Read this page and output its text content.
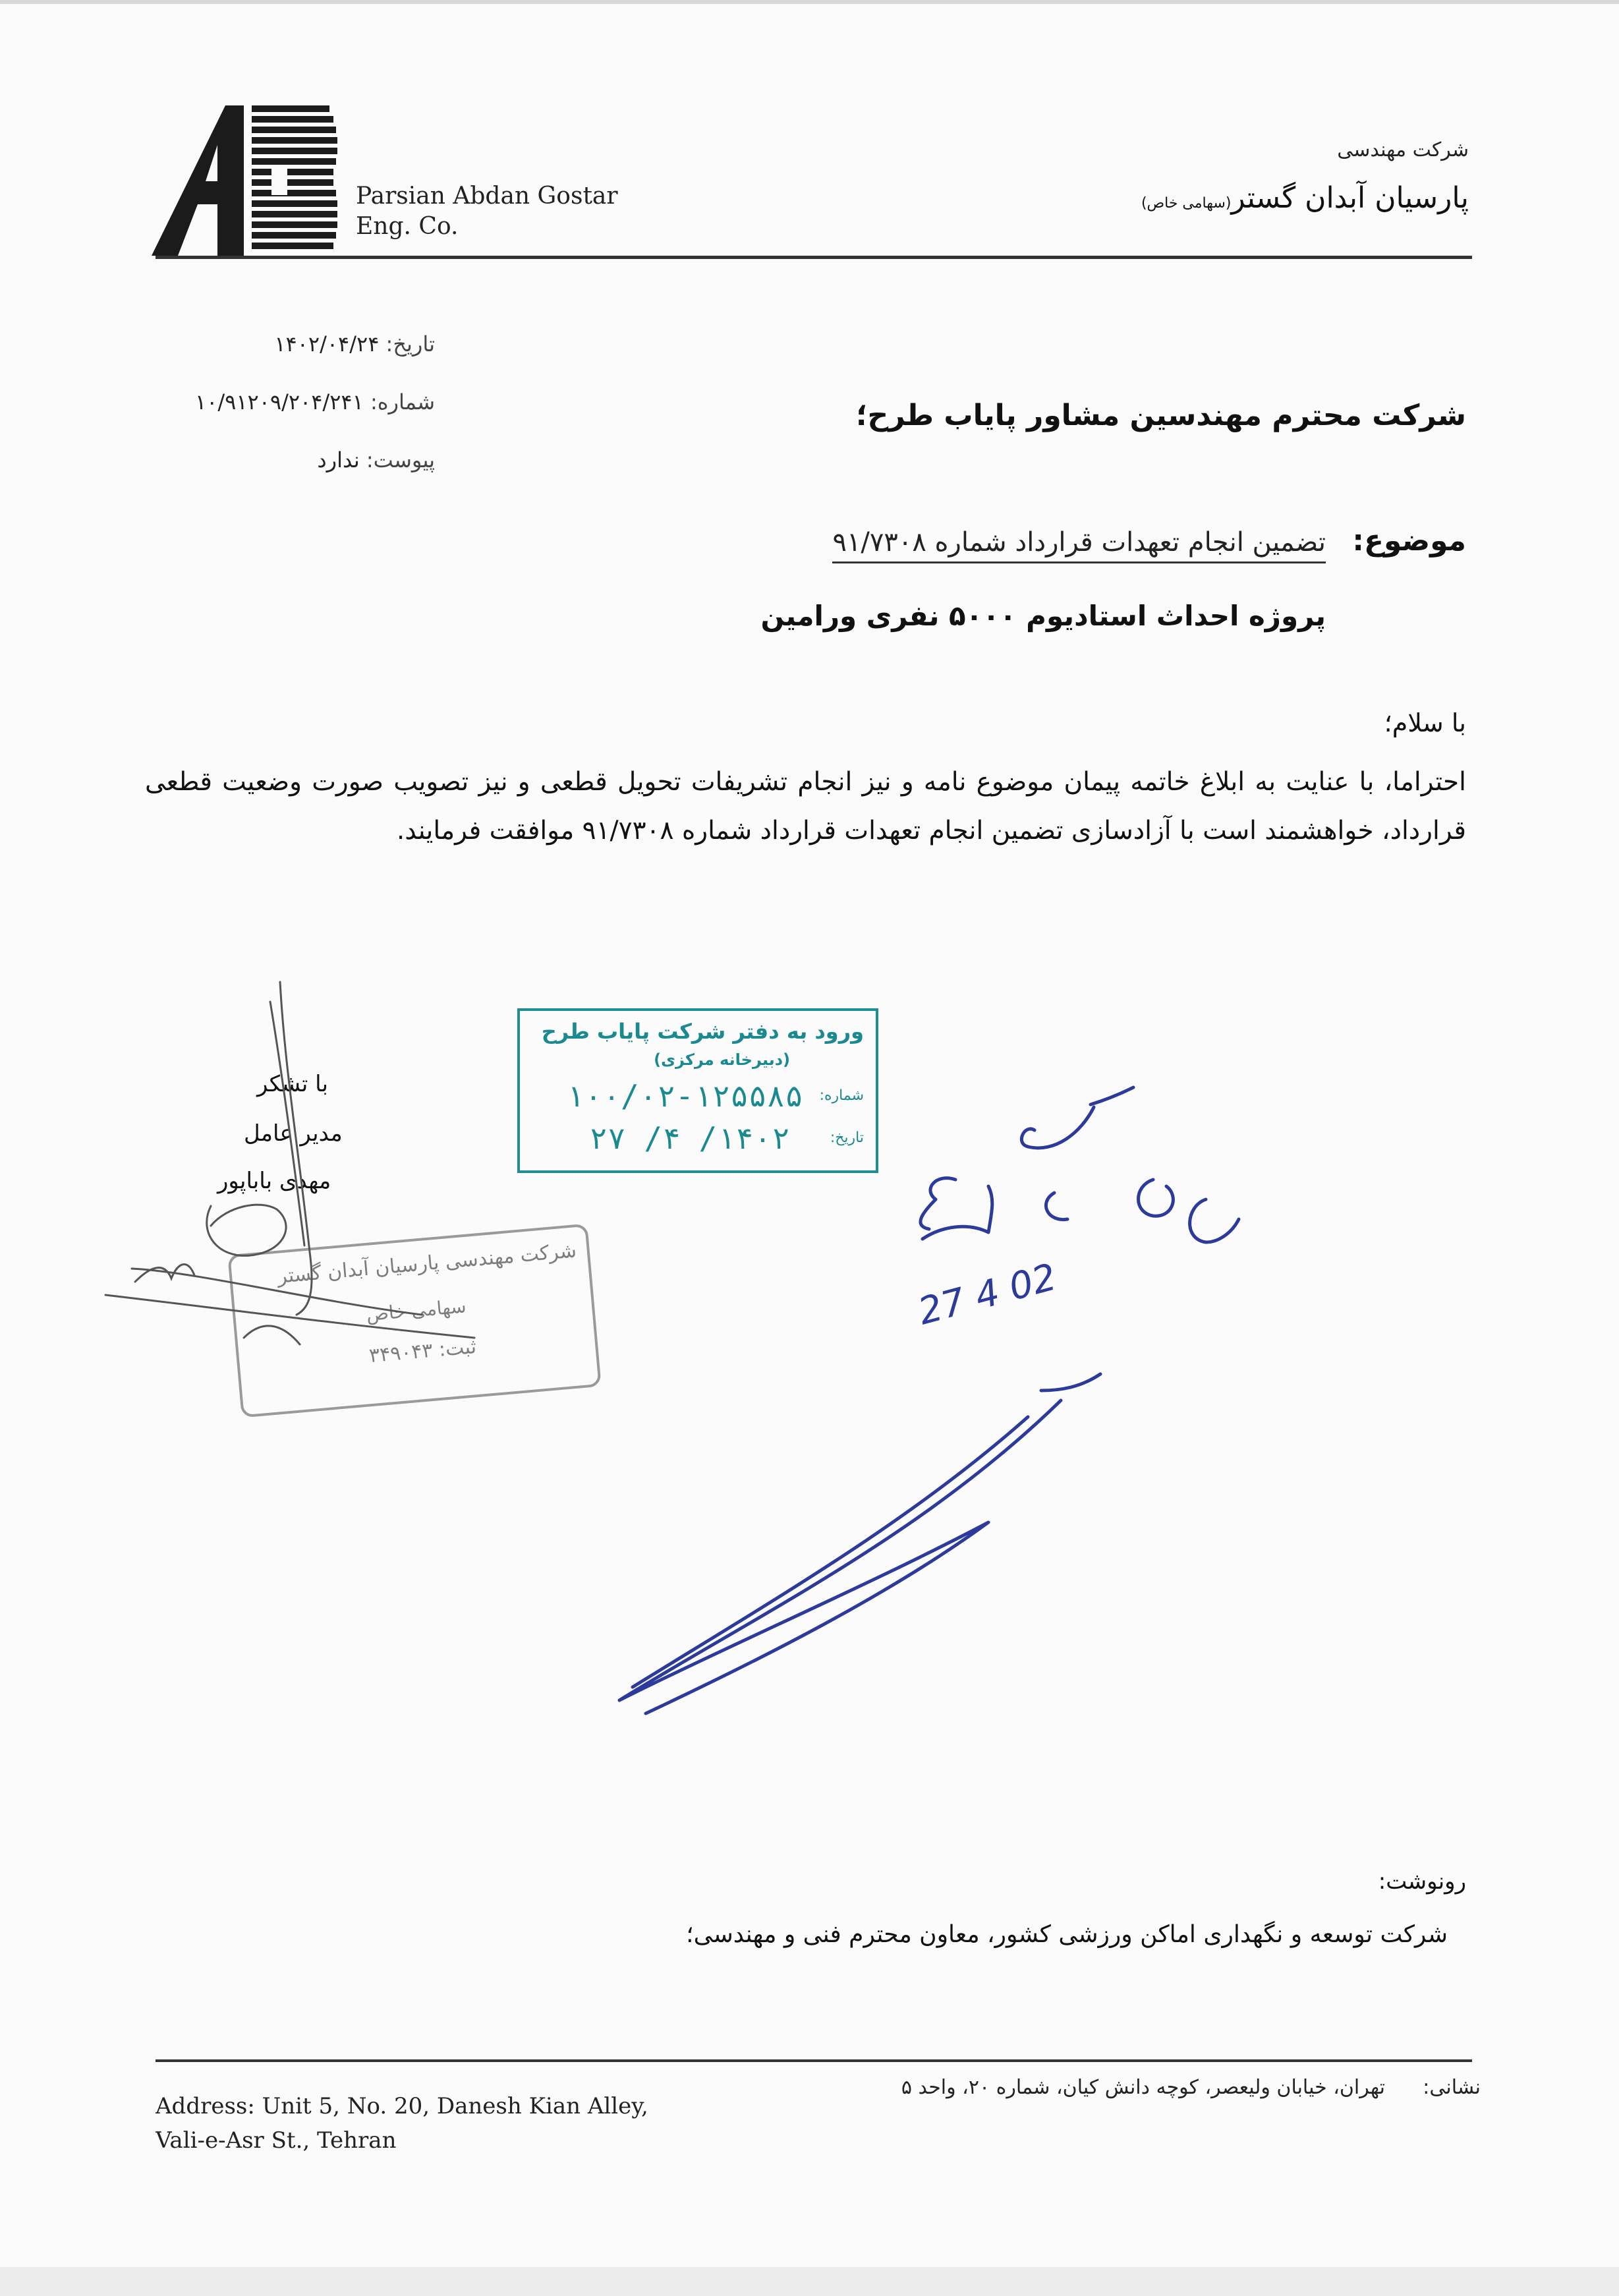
Parsian Abdan Gostar
Eng. Co.
شرکت مهندسی
پارسیان آبدان گستر(سهامی خاص)
تاریخ: ۱۴۰۲/۰۴/۲۴
شماره: ۱۰/۹۱۲۰۹/۲۰۴/۲۴۱
پیوست: ندارد
شرکت محترم مهندسین مشاور پایاب طرح؛
موضوع:
تضمین انجام تعهدات قرارداد شماره ۹۱/۷۳۰۸
پروژه احداث استادیوم ۵۰۰۰ نفری ورامین
با سلام؛
احتراما، با عنایت به ابلاغ خاتمه پیمان موضوع نامه و نیز انجام تشریفات تحویل قطعی و نیز تصویب صورت وضعیت قطعی قرارداد، خواهشمند است با آزادسازی تضمین انجام تعهدات قرارداد شماره ۹۱/۷۳۰۸ موافقت فرمایند.
با تشکر
مدیر عامل
مهدی باباپور
ورود به دفتر شرکت پایاب طرح
(دبیرخانه مرکزی)
شماره:
۱۰۰/۰۲-۱۲۵۵۸۵
تاریخ:
۱۴۰۲/ ۴/ ۲۷
شرکت مهندسی پارسیان آبدان گستر
سهامی خاص
ثبت: ۳۴۹۰۴۳
27 4 02
رونوشت:
شرکت توسعه و نگهداری اماکن ورزشی کشور، معاون محترم فنی و مهندسی؛
Address: Unit 5, No. 20, Danesh Kian Alley,
Vali-e-Asr St., Tehran
نشانی:
تهران، خیابان ولیعصر، کوچه دانش کیان، شماره ۲۰، واحد ۵
